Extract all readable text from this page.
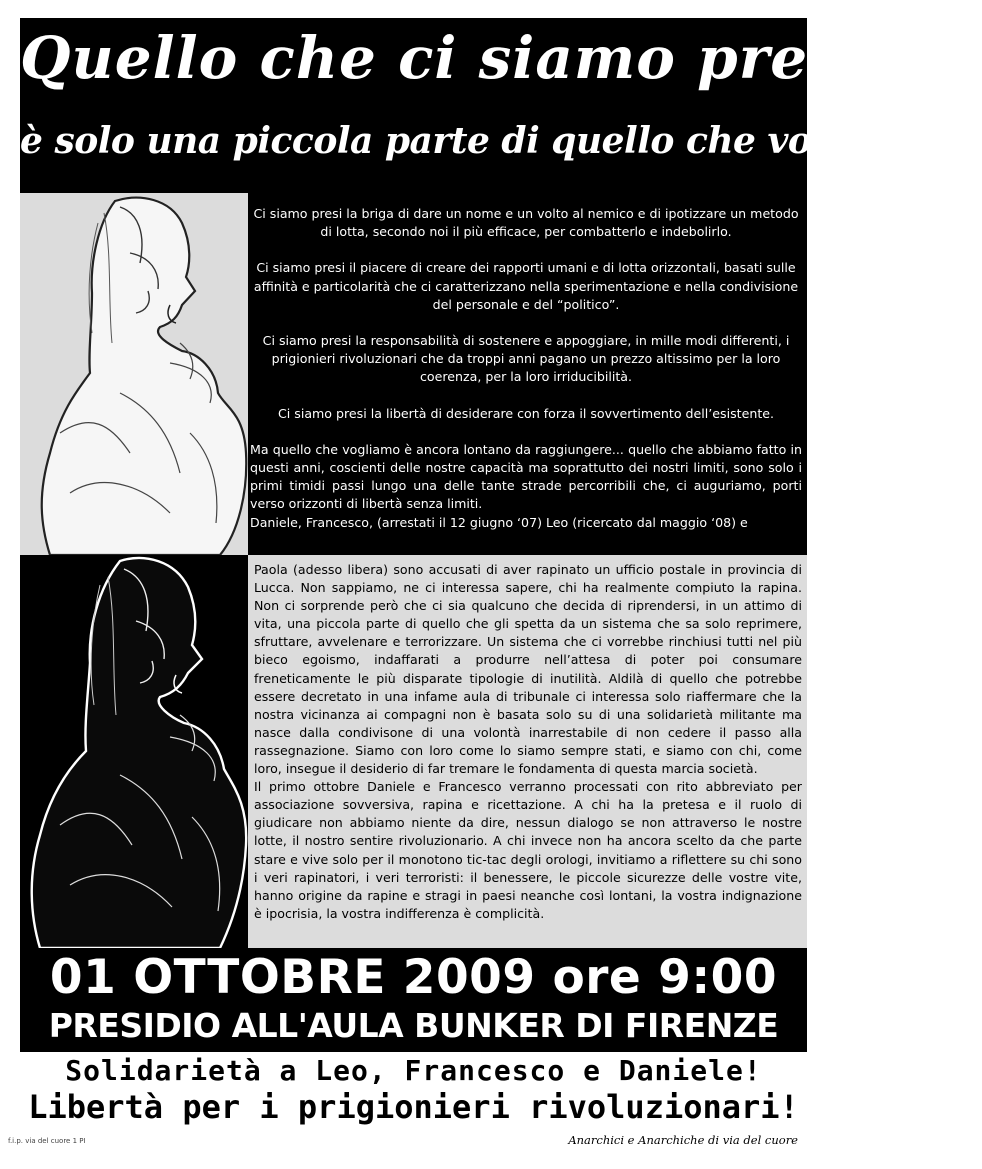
Quello che ci siamo presi
è solo una piccola parte di quello che vogliamo...

Ci siamo presi la briga di dare un nome e un volto al nemico e di ipotizzare un metodo di lotta, secondo noi il più efficace, per combatterlo e indebolirlo.

Ci siamo presi il piacere di creare dei rapporti umani e di lotta orizzontali, basati sulle affinità e particolarità che ci caratterizzano nella sperimentazione e nella condivisione del personale e del “politico”.

Ci siamo presi la responsabilità di sostenere e appoggiare, in mille modi differenti, i prigionieri rivoluzionari che da troppi anni pagano un prezzo altissimo per la loro coerenza, per la loro irriducibilità.

Ci siamo presi la libertà di desiderare con forza il sovvertimento dell’esistente.

Ma quello che vogliamo è ancora lontano da raggiungere... quello che abbiamo fatto in questi anni, coscienti delle nostre capacità ma soprattutto dei nostri limiti, sono solo i primi timidi passi lungo una delle tante strade percorribili che, ci auguriamo, porti verso orizzonti di libertà senza limiti.

Daniele, Francesco, (arrestati il 12 giugno ‘07) Leo (ricercato dal maggio ‘08) e

Paola (adesso libera) sono accusati di aver rapinato un ufficio postale in provincia di Lucca. Non sappiamo, ne ci interessa sapere, chi ha realmente compiuto la rapina. Non ci sorprende però che ci sia qualcuno che decida di riprendersi, in un attimo di vita, una piccola parte di quello che gli spetta da un sistema che sa solo reprimere, sfruttare, avvelenare e terrorizzare. Un sistema che ci vorrebbe rinchiusi tutti nel più bieco egoismo, indaffarati a produrre nell’attesa di poter poi consumare freneticamente le più disparate tipologie di inutilità. Aldilà di quello che potrebbe essere decretato in una infame aula di tribunale ci interessa solo riaffermare che la nostra vicinanza ai compagni non è basata solo su di una solidarietà militante ma nasce dalla condivisone di una volontà inarrestabile di non cedere il passo alla rassegnazione. Siamo con loro come lo siamo sempre stati, e siamo con chi, come loro, insegue il desiderio di far tremare le fondamenta di questa marcia società.

Il primo ottobre Daniele e Francesco verranno processati con rito abbreviato per associazione sovversiva, rapina e ricettazione. A chi ha la pretesa e il ruolo di giudicare non abbiamo niente da dire, nessun dialogo se non attraverso le nostre lotte, il nostro sentire rivoluzionario. A chi invece non ha ancora scelto da che parte stare e vive solo per il monotono tic-tac degli orologi, invitiamo a riflettere su chi sono i veri rapinatori, i veri terroristi: il benessere, le piccole sicurezze delle vostre vite, hanno origine da rapine e stragi in paesi neanche così lontani, la vostra indignazione è ipocrisia, la vostra indifferenza è complicità.

01 OTTOBRE 2009 ore 9:00
PRESIDIO ALL'AULA BUNKER DI FIRENZE
Solidarietà a Leo, Francesco e Daniele!
Libertà per i prigionieri rivoluzionari!
f.i.p. via del cuore 1 PI	Anarchici e Anarchiche di via del cuore
